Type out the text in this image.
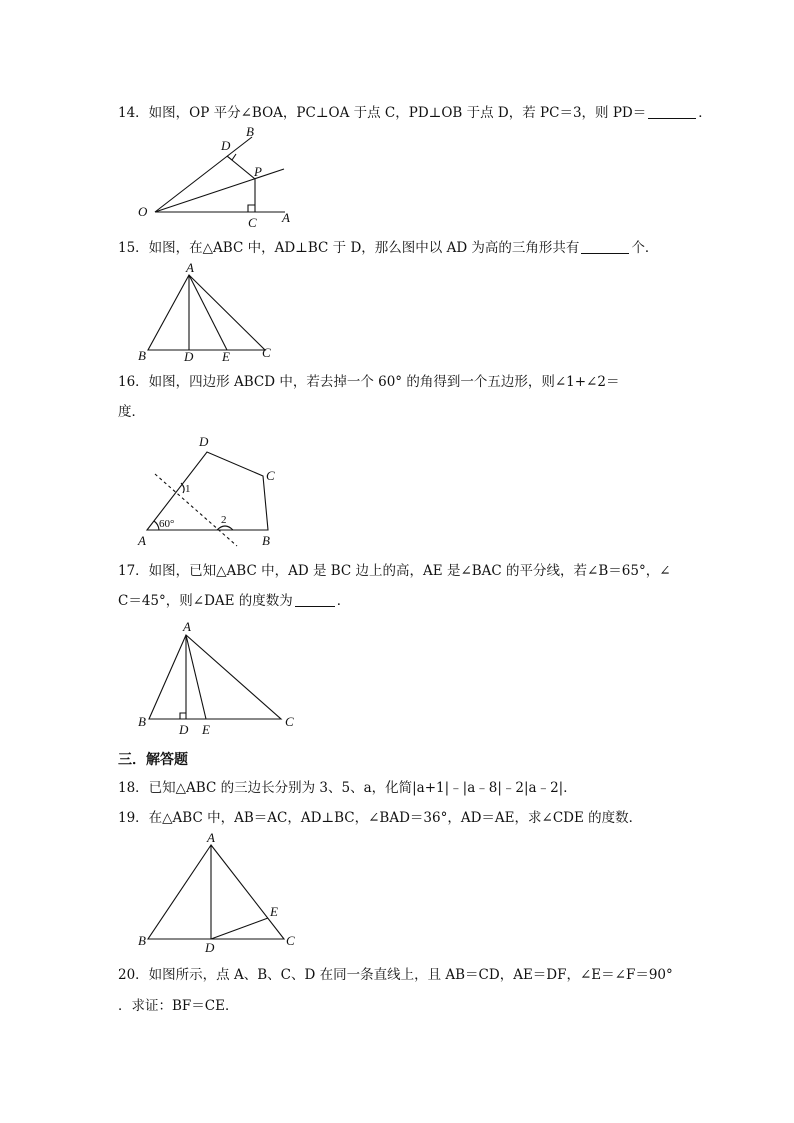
14．如图，OP 平分∠BOA，PC⊥OA 于点 C，PD⊥OB 于点 D，若 PC＝3，则 PD＝	．
O	A
B
C
D
P
15．如图，在△ABC 中，AD⊥BC 于 D，那么图中以 AD 为高的三角形共有	个．
A
B	C
D E
16．如图，四边形 ABCD 中，若去掉一个 60° 的角得到一个五边形，则∠1+∠2＝
度．
A	B
C
D
60°
1
2
17．如图，已知△ABC 中，AD 是 BC 边上的高，AE 是∠BAC 的平分线，若∠B＝65°，∠
C＝45°，则∠DAE 的度数为	．
A
B	C
D E
三．解答题
18．已知△ABC 的三边长分别为 3、5、a，化简|a+1|﹣|a﹣8|﹣2|a﹣2|．
19．在△ABC 中，AB＝AC，AD⊥BC，∠BAD＝36°，AD＝AE，求∠CDE 的度数．
A
B	C
D
E
20．如图所示，点 A、B、C、D 在同一条直线上，且 AB＝CD，AE＝DF，∠E＝∠F＝90°
．求证：BF＝CE．
